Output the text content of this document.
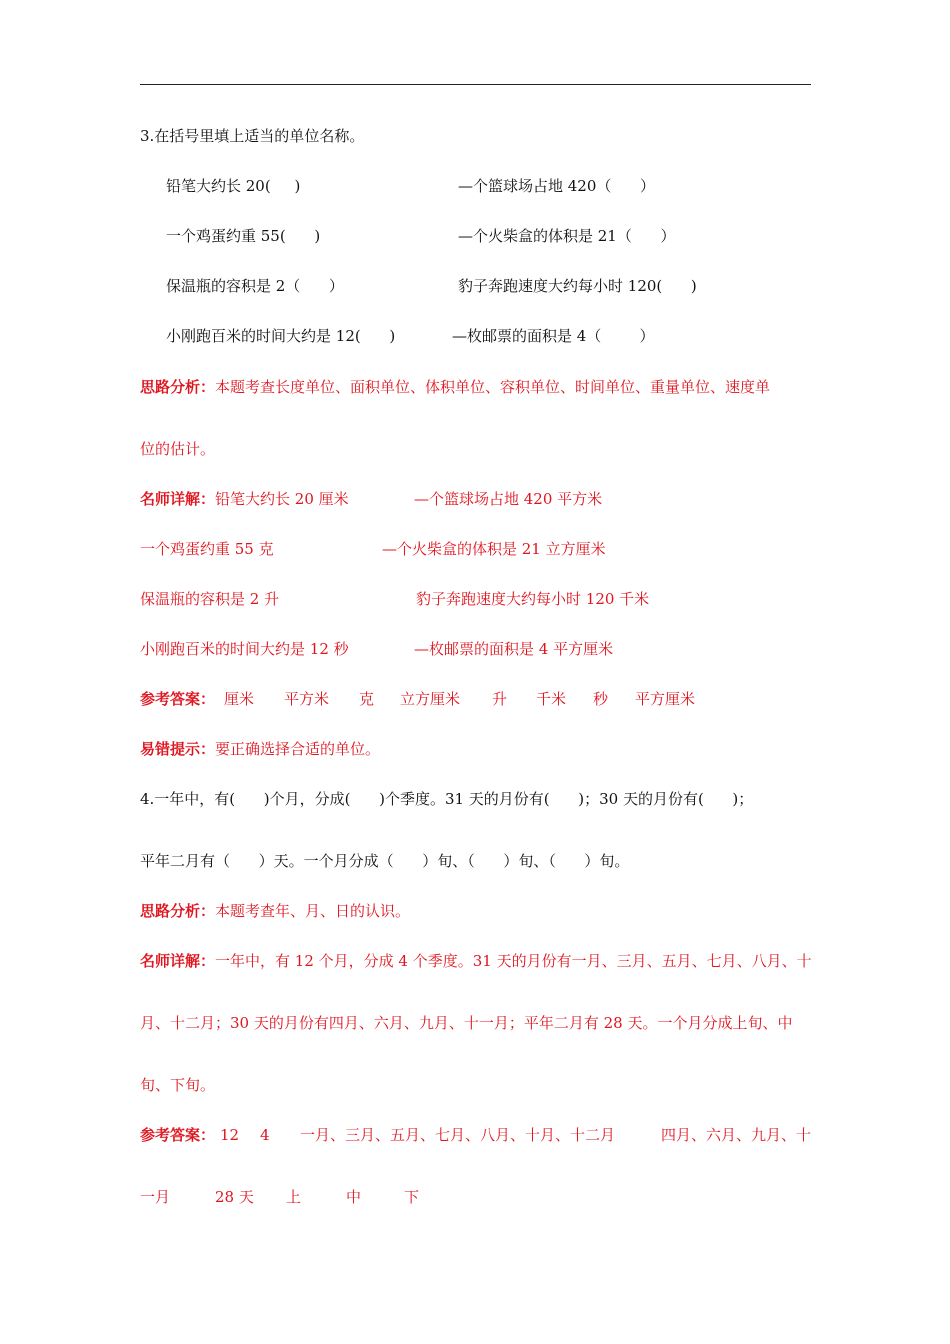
3.在括号里填上适当的单位名称。
铅笔大约长 20(     )	—个篮球场占地 420（      ）
一个鸡蛋约重 55(      )	—个火柴盒的体积是 21（      ）
保温瓶的容积是 2（      ）	豹子奔跑速度大约每小时 120(      )
小刚跑百米的时间大约是 12(      )	—枚邮票的面积是 4（        ）
思路分析：本题考查长度单位、面积单位、体积单位、容积单位、时间单位、重量单位、速度单
位的估计。
名师详解：铅笔大约长 20 厘米	—个篮球场占地 420 平方米
一个鸡蛋约重 55 克	—个火柴盒的体积是 21 立方厘米
保温瓶的容积是 2 升	豹子奔跑速度大约每小时 120 千米
小刚跑百米的时间大约是 12 秒	—枚邮票的面积是 4 平方厘米

参考答案：

厘米

平方米

克

立方厘米

升

千米

秒

平方厘米

易错提示：要正确选择合适的单位。
4.一年中，有(      )个月，分成(      )个季度。31 天的月份有(      )；30 天的月份有(      )；
平年二月有（      ）天。一个月分成（      ）旬、（      ）旬、（      ）旬。
思路分析：本题考查年、月、日的认识。
名师详解：一年中，有 12 个月，分成 4 个季度。31 天的月份有一月、三月、五月、七月、八月、十
月、十二月；30 天的月份有四月、六月、九月、十一月；平年二月有 28 天。一个月分成上旬、中
旬、下旬。

参考答案：

12

4

一月、三月、五月、七月、八月、十月、十二月

	四月、六月、九月、十

一月

	28 天

上

	中

	下
